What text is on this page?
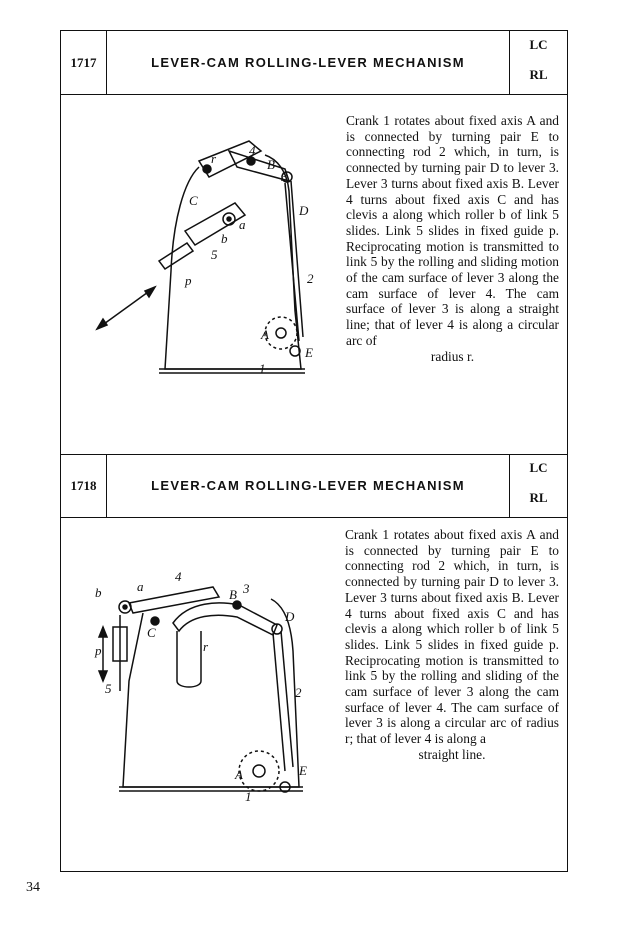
1717	LEVER-CAM ROLLING-LEVER MECHANISM
LC
RL
r
4
B
3
C
a
b
D
5
p	2
A
E
1
Crank 1 rotates about fixed axis A and is connected by turning pair E to connecting rod 2 which, in turn, is connected by turning pair D to lever 3. Lever 3 turns about fixed axis B. Lever 4 turns about fixed axis C and has clevis a along which roller b of link 5 slides. Link 5 slides in fixed guide p. Reciprocating motion is transmitted to link 5 by the rolling and sliding motion of the cam surface of lever 3 along the cam surface of lever 4. The cam surface of lever 3 is along a straight line; that of lever 4 is along a circular arc of
radius r.
1718	LEVER-CAM ROLLING-LEVER MECHANISM
LC
RL
b	a
4
B 3
C
r
D
p
5	2
A	E
1
Crank 1 rotates about fixed axis A and is connected by turning pair E to connecting rod 2 which, in turn, is connected by turning pair D to lever 3. Lever 3 turns about fixed axis B. Lever 4 turns about fixed axis C and has clevis a along which roller b of link 5 slides. Link 5 slides in fixed guide p. Reciprocating motion is transmitted to link 5 by the rolling and sliding of the cam surface of lever 3 along the cam surface of lever 4. The cam surface of lever 3 is along a circular arc of radius r; that of lever 4 is along a
straight line.
34
